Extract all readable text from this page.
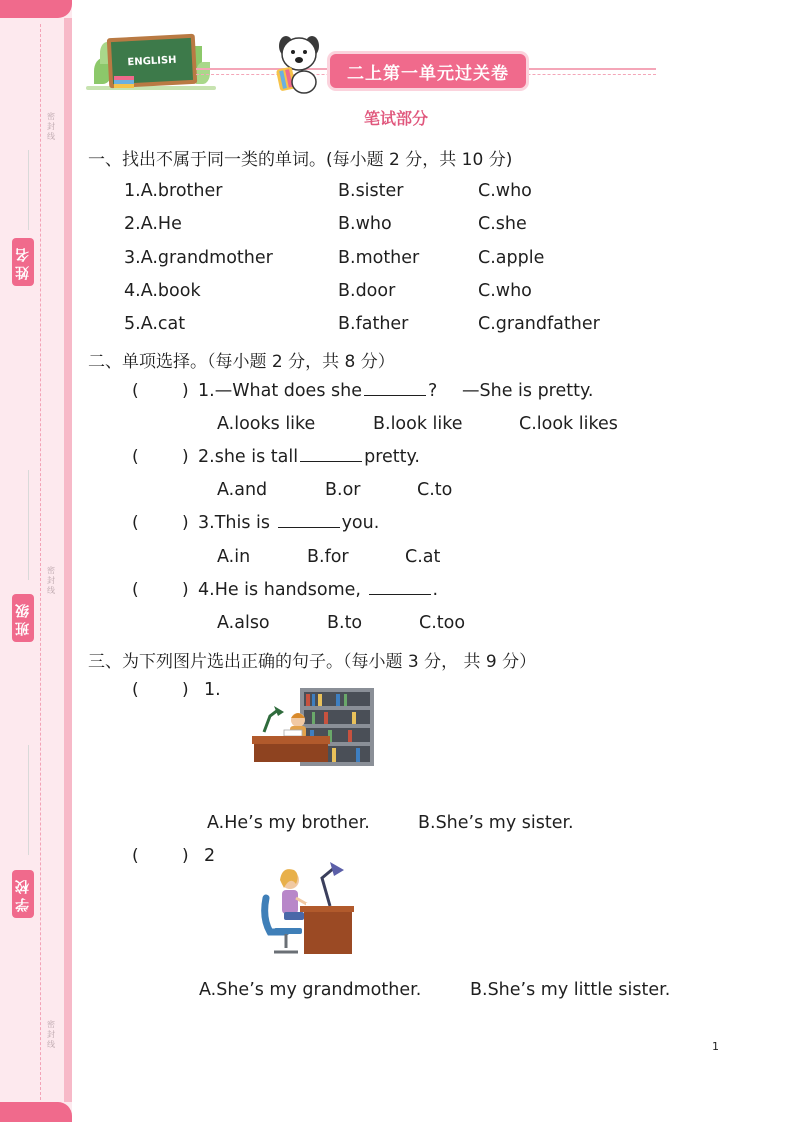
姓名
班级
学校
密封线
密封线
密封线
ENGLISH
二上第一单元过关卷
笔试部分
一、找出不属于同一类的单词。(每小题 2 分，共 10 分)
1.A.brother	B.sister	C.who
2.A.He	B.who	C.she
3.A.grandmother	B.mother	C.apple
4.A.book	B.door	C.who
5.A.cat	B.father	C.grandfather
二、单项选择。（每小题 2 分，共 8 分）
(	) 1.—What does she	? —She is pretty.
A.looks like	B.look like	C.look likes
(	) 2.she is tall	pretty.
A.and	B.or	C.to
(	) 3.This is	you.
A.in	B.for	C.at
(	) 4.He is handsome,	.
A.also	B.to	C.too
三、为下列图片选出正确的句子。（每小题 3 分， 共 9 分）
(	) 1.
A.He’s my brother.	B.She’s my sister.
(	) 2
A.She’s my grandmother.	B.She’s my little sister.
1
